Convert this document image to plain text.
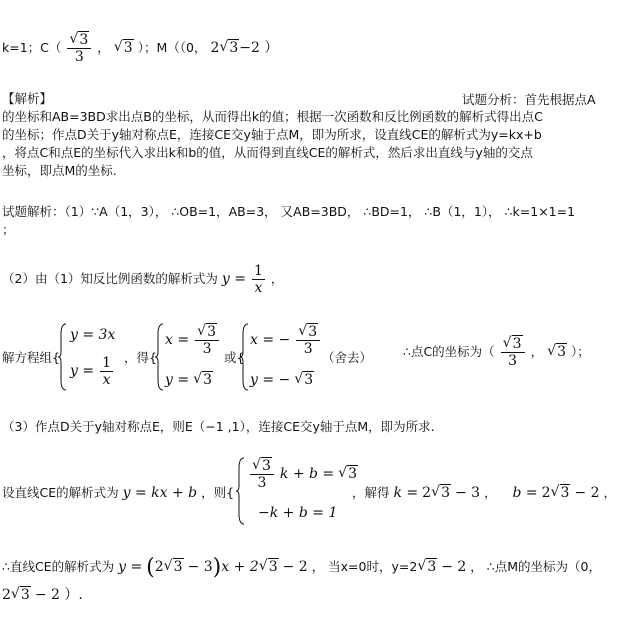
k=1；C（ √ $\frac{3}{3}$ ， √ 3 ）；M（（0， 2 √ 3−2 ）
【解析】	试题分析：首先根据点A
的坐标和AB=3BD求出点B的坐标，从而得出k的值；根据一次函数和反比例函数的解析式得出点C
的坐标；作点D关于y轴对称点E，连接CE交y轴于点M，即为所求，设直线CE的解析式为y=kx+b
，将点C和点E的坐标代入求出k和b的值，从而得到直线CE的解析式，然后求出直线与y轴的交点
坐标，即点M的坐标.
试题解析：（1）∵A（1，3）， ∴OB=1，AB=3， 又AB=3BD， ∴BD=1， ∴B（1，1）， ∴k=1×1=1
；
（2）由（1）知反比例函数的解析式为 $y = \frac{1}{x}$ ，
解方程组{
y = 3x
$y = \frac{1}{x}$ ，得{
x = √ $\frac{3}{3}$
y = √ 3
或{
x = − √ $\frac{3}{3}$
y = − √ 3
（舍去） ∴点C的坐标为（ √ $\frac{3}{3}$ ， √ 3 ）；
（3）作点D关于y轴对称点E，则E（−1 ,1），连接CE交y轴于点M，即为所求.
设直线CE的解析式为 y = kx + b ，则{
√ $\frac{3}{3}$ k + b = √ 3
−k + b = 1
，解得 k = 2 √ 3 − 3 ，    b = 2 √ 3 − 2 ，
∴直线CE的解析式为 y = (2 √ 3 − 3)x + 2 √ 3 − 2 ， 当x=0时，y=2 √ 3 − 2 ， ∴点M的坐标为（0，
2 √ 3 − 2 ）.
